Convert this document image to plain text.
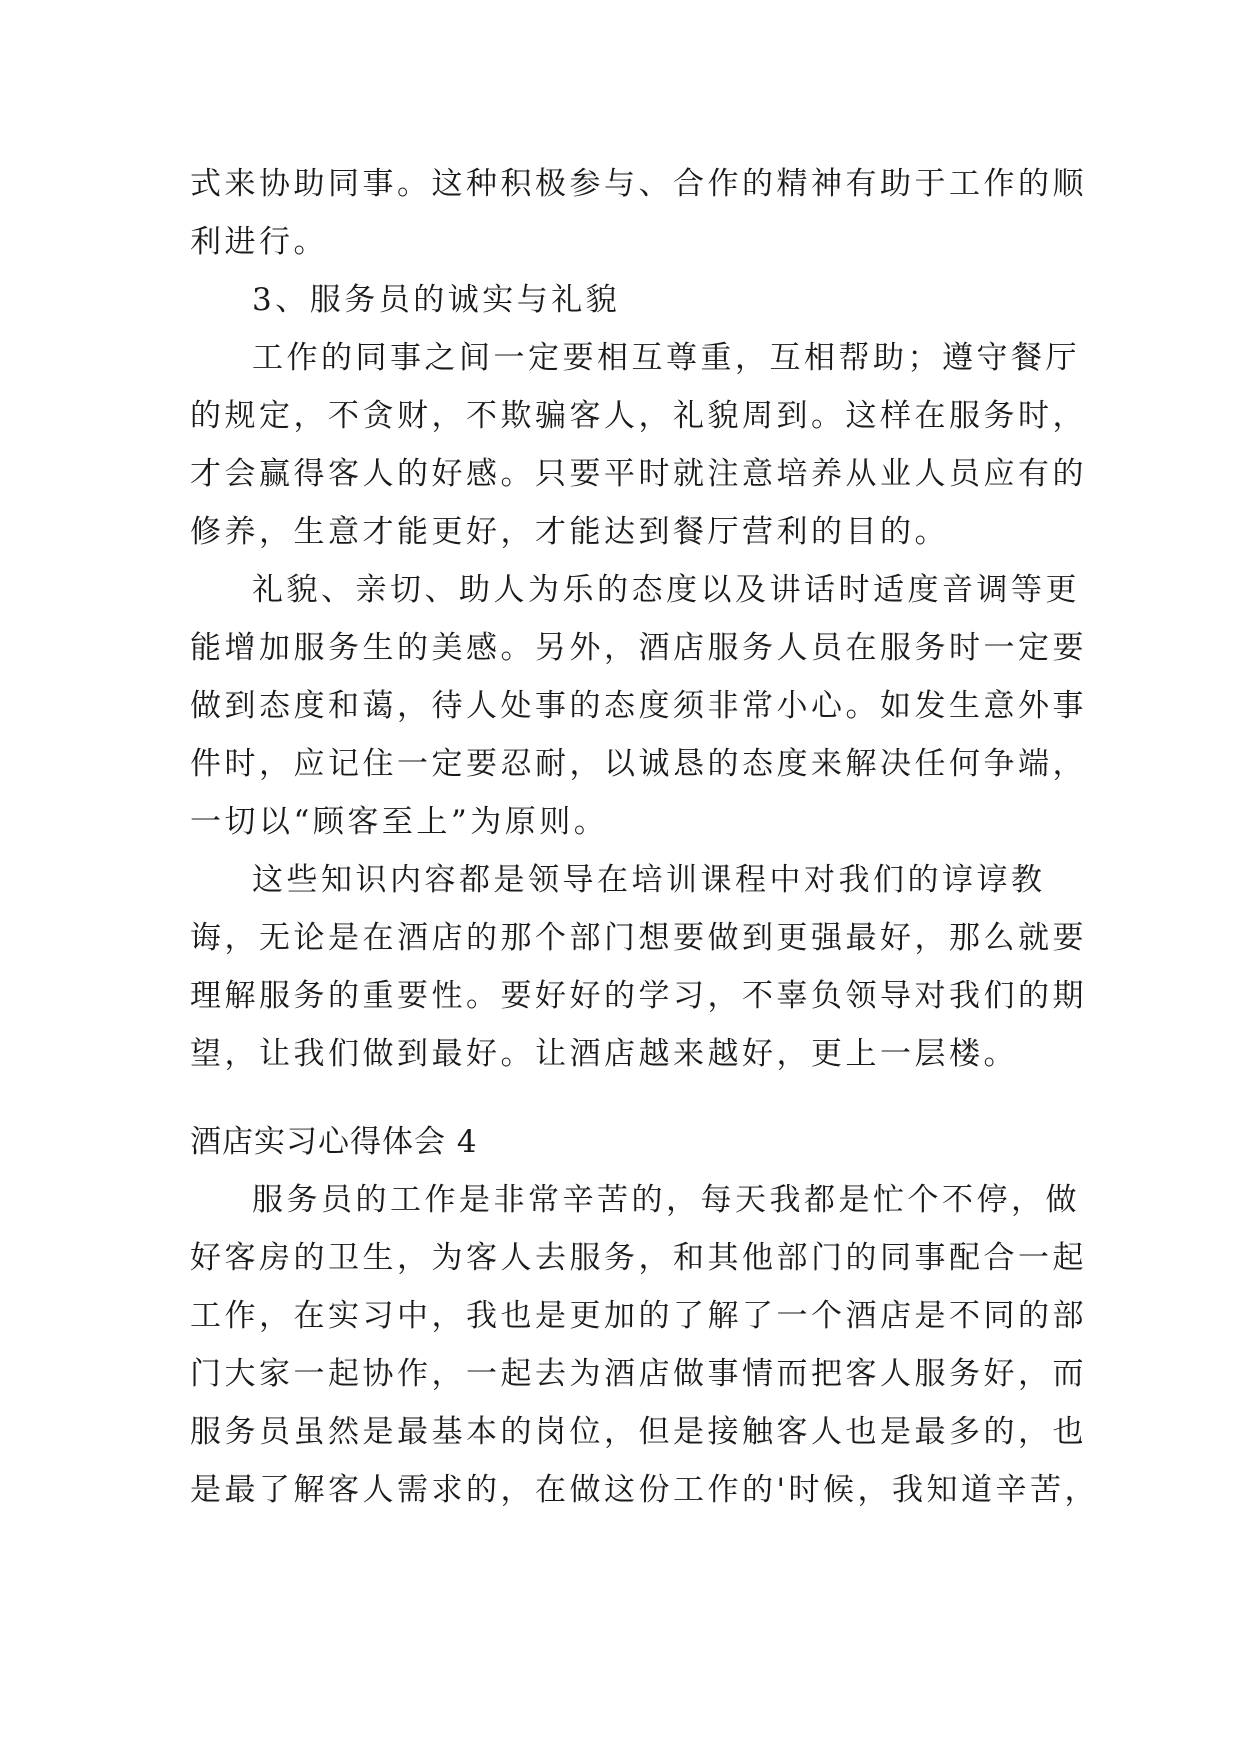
式来协助同事。这种积极参与、合作的精神有助于工作的顺
利进行。
3、服务员的诚实与礼貌
工作的同事之间一定要相互尊重，互相帮助；遵守餐厅
的规定，不贪财，不欺骗客人，礼貌周到。这样在服务时，
才会赢得客人的好感。只要平时就注意培养从业人员应有的
修养，生意才能更好，才能达到餐厅营利的目的。
礼貌、亲切、助人为乐的态度以及讲话时适度音调等更
能增加服务生的美感。另外，酒店服务人员在服务时一定要
做到态度和蔼，待人处事的态度须非常小心。如发生意外事
件时，应记住一定要忍耐，以诚恳的态度来解决任何争端，
一切以“顾客至上”为原则。
这些知识内容都是领导在培训课程中对我们的谆谆教
诲，无论是在酒店的那个部门想要做到更强最好，那么就要
理解服务的重要性。要好好的学习，不辜负领导对我们的期
望，让我们做到最好。让酒店越来越好，更上一层楼。
酒店实习心得体会 4
服务员的工作是非常辛苦的，每天我都是忙个不停，做
好客房的卫生，为客人去服务，和其他部门的同事配合一起
工作，在实习中，我也是更加的了解了一个酒店是不同的部
门大家一起协作，一起去为酒店做事情而把客人服务好，而
服务员虽然是最基本的岗位，但是接触客人也是最多的，也
是最了解客人需求的，在做这份工作的'时候，我知道辛苦，
